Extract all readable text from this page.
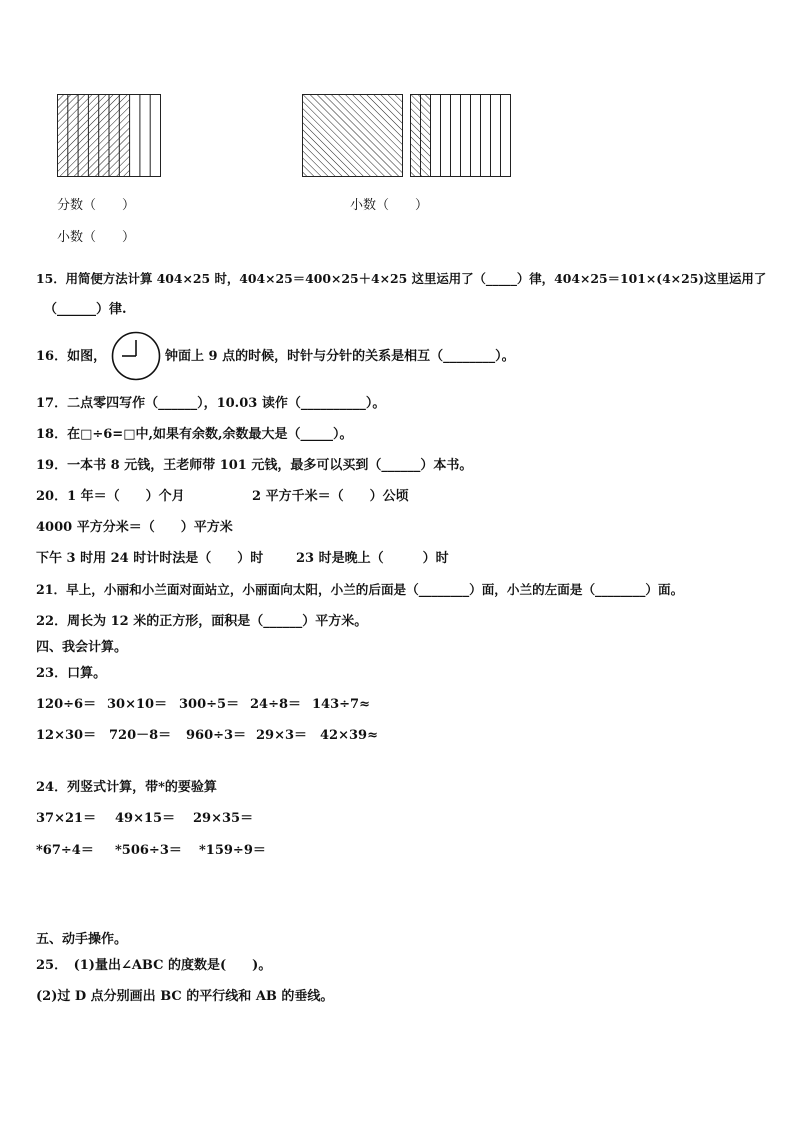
分数（　　）	小数（　　）
小数（　　）
15．用简便方法计算 404×25 时，404×25＝400×25＋4×25 这里运用了（_____）律，404×25＝101×(4×25)这里运用了
（______）律.
16．如图，	钟面上 9 点的时候，时针与分针的关系是相互（________）。
17．二点零四写作（______），10.03 读作（__________）。
18．在□÷6=□中,如果有余数,余数最大是（_____）。
19．一本书 8 元钱，王老师带 101 元钱，最多可以买到（______）本书。
20．1 年＝（　　）个月	2 平方千米＝（　　）公顷
4000 平方分米＝（　　）平方米
下午 3 时用 24 时计时法是（　　）时	23 时是晚上（　　　）时
21．早上，小丽和小兰面对面站立，小丽面向太阳，小兰的后面是（________）面，小兰的左面是（________）面。
22．周长为 12 米的正方形，面积是（______）平方米。
四、我会计算。
23．口算。
120÷6＝ 30×10＝ 300÷5＝ 24÷8＝ 143÷7≈
12×30＝ 720－8＝ 960÷3＝ 29×3＝ 42×39≈
24．列竖式计算，带*的要验算
37×21＝ 49×15＝ 29×35＝
*67÷4＝ *506÷3＝ *159÷9＝
五、动手操作。
25．　(1)量出∠ABC 的度数是(　　)。
(2)过 D 点分别画出 BC 的平行线和 AB 的垂线。
